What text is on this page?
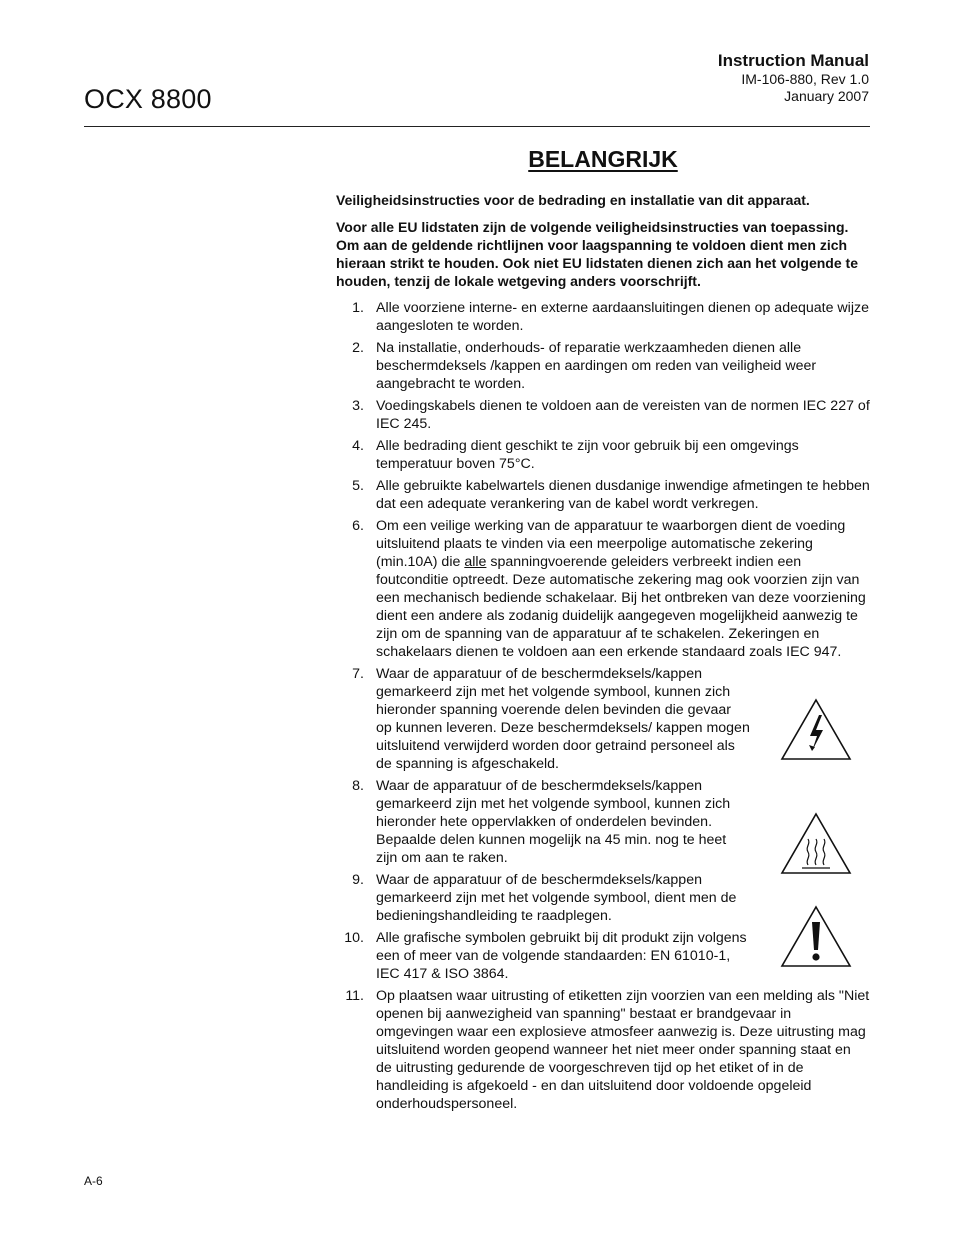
OCX 8800
Instruction Manual
IM-106-880, Rev 1.0
January 2007
BELANGRIJK

Veiligheidsinstructies voor de bedrading en installatie van dit apparaat.

Voor alle EU lidstaten zijn de volgende veiligheidsinstructies van toepassing. Om aan de geldende richtlijnen voor laagspanning te voldoen dient men zich hieraan strikt te houden. Ook niet EU lidstaten dienen zich aan het volgende te houden, tenzij de lokale wetgeving anders voorschrijft.

1. Alle voorziene interne- en externe aardaansluitingen dienen op adequate wijze aangesloten te worden.
2. Na installatie, onderhouds- of reparatie werkzaamheden dienen alle beschermdeksels /kappen en aardingen om reden van veiligheid weer aangebracht te worden.
3. Voedingskabels dienen te voldoen aan de vereisten van de normen IEC 227 of IEC 245.
4. Alle bedrading dient geschikt te zijn voor gebruik bij een omgevings temperatuur boven 75°C.
5. Alle gebruikte kabelwartels dienen dusdanige inwendige afmetingen te hebben dat een adequate verankering van de kabel wordt verkregen.
6. Om een veilige werking van de apparatuur te waarborgen dient de voeding uitsluitend plaats te vinden via een meerpolige automatische zekering (min.10A) die alle spanningvoerende geleiders verbreekt indien een foutconditie optreedt. Deze automatische zekering mag ook voorzien zijn van een mechanisch bediende schakelaar. Bij het ontbreken van deze voorziening dient een andere als zodanig duidelijk aangegeven mogelijkheid aanwezig te zijn om de spanning van de apparatuur af te schakelen. Zekeringen en schakelaars dienen te voldoen aan een erkende standaard zoals IEC 947.
7. Waar de apparatuur of de beschermdeksels/kappen gemarkeerd zijn met het volgende symbool, kunnen zich hieronder spanning voerende delen bevinden die gevaar op kunnen leveren. Deze beschermdeksels/ kappen mogen uitsluitend verwijderd worden door getraind personeel als de spanning is afgeschakeld.
8. Waar de apparatuur of de beschermdeksels/kappen gemarkeerd zijn met het volgende symbool, kunnen zich hieronder hete oppervlakken of onderdelen bevinden. Bepaalde delen kunnen mogelijk na 45 min. nog te heet zijn om aan te raken.
9. Waar de apparatuur of de beschermdeksels/kappen gemarkeerd zijn met het volgende symbool, dient men de bedieningshandleiding te raadplegen.
10. Alle grafische symbolen gebruikt bij dit produkt zijn volgens een of meer van de volgende standaarden: EN 61010-1, IEC 417 & ISO 3864.
11. Op plaatsen waar uitrusting of etiketten zijn voorzien van een melding als "Niet openen bij aanwezigheid van spanning" bestaat er brandgevaar in omgevingen waar een explosieve atmosfeer aanwezig is. Deze uitrusting mag uitsluitend worden geopend wanneer het niet meer onder spanning staat en de uitrusting gedurende de voorgeschreven tijd op het etiket of in de handleiding is afgekoeld - en dan uitsluitend door voldoende opgeleid onderhoudspersoneel.
A-6
